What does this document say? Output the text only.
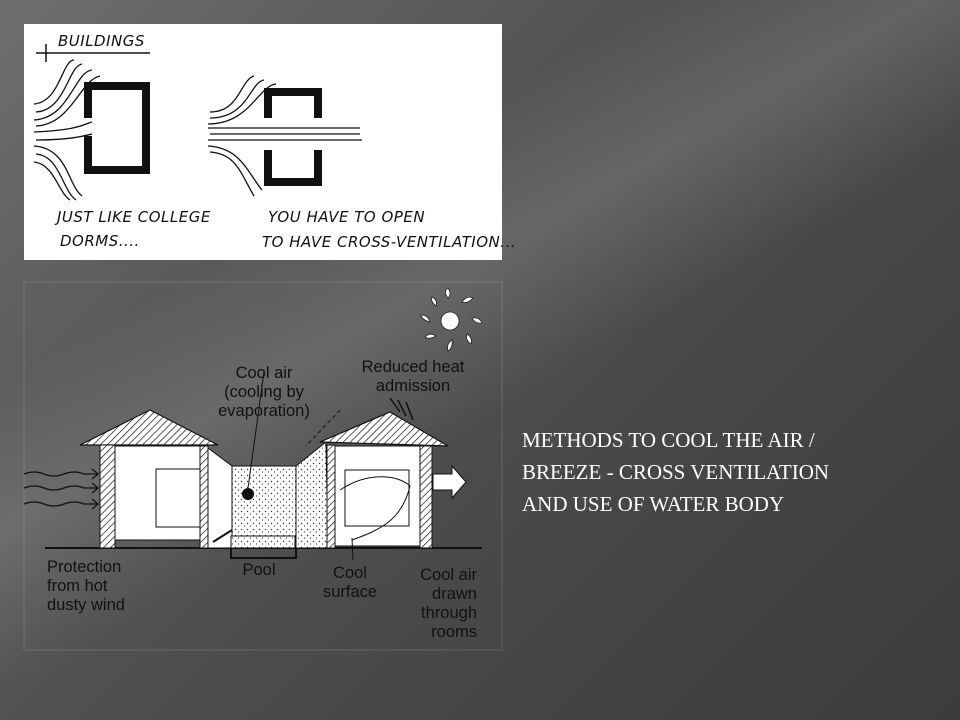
BUILDINGS
JUST LIKE COLLEGE
DORMS....
YOU HAVE TO OPEN
TO HAVE CROSS-VENTILATION...
Cool air
(cooling by
evaporation)
Reduced heat
admission
Pool	Cool
surface
Cool air
drawn
through
rooms
Protection
from hot
dusty wind
METHODS TO COOL THE AIR /
BREEZE - CROSS VENTILATION
AND USE OF WATER BODY
